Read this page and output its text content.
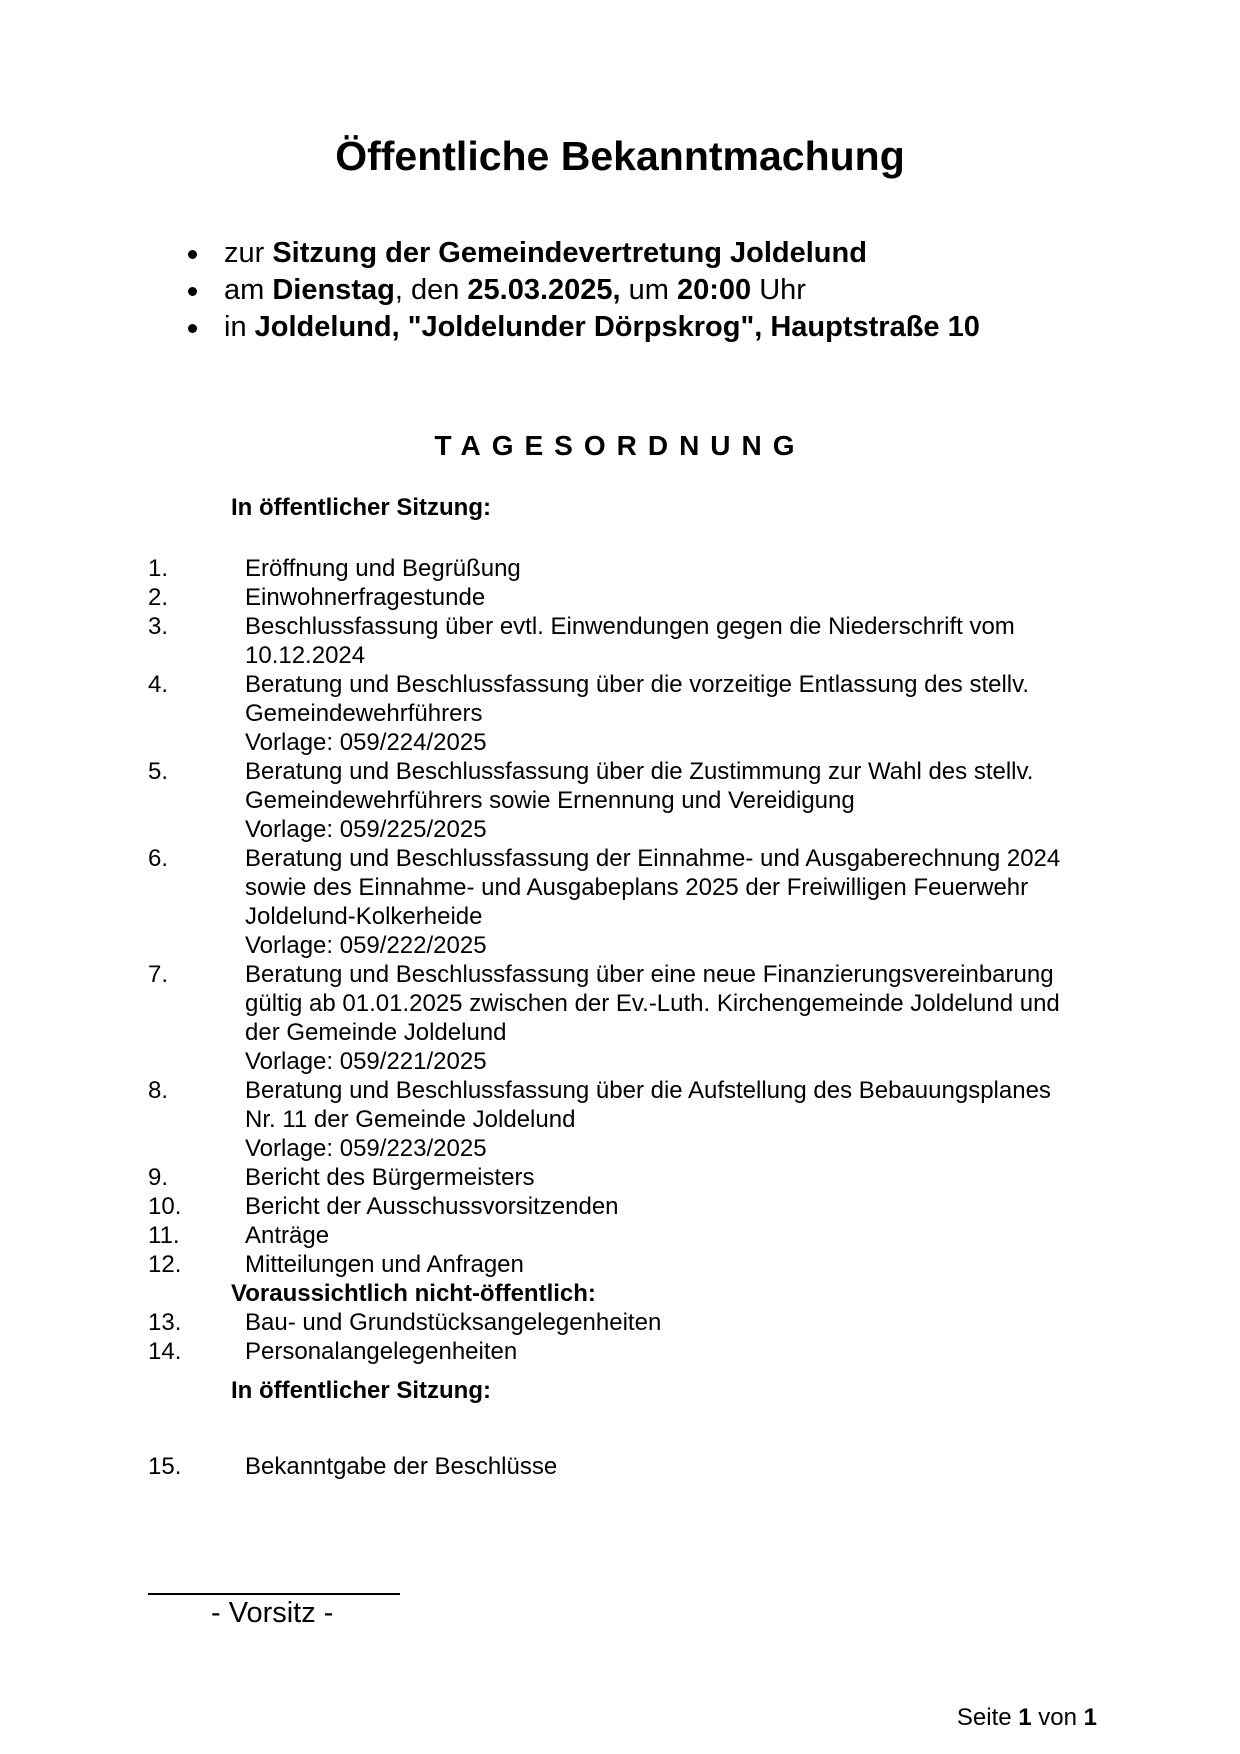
Öffentliche Bekanntmachung
zur Sitzung der Gemeindevertretung Joldelund
am Dienstag, den 25.03.2025, um 20:00 Uhr
in Joldelund, "Joldelunder Dörpskrog", Hauptstraße 10
TAGESORDNUNG
In öffentlicher Sitzung:
1.	Eröffnung und Begrüßung
2.	Einwohnerfragestunde
3.	Beschlussfassung über evtl. Einwendungen gegen die Niederschrift vom
10.12.2024
4.	Beratung und Beschlussfassung über die vorzeitige Entlassung des stellv.
Gemeindewehrführers
Vorlage: 059/224/2025
5.	Beratung und Beschlussfassung über die Zustimmung zur Wahl des stellv.
Gemeindewehrführers sowie Ernennung und Vereidigung
Vorlage: 059/225/2025
6.	Beratung und Beschlussfassung der Einnahme- und Ausgaberechnung 2024
sowie des Einnahme- und Ausgabeplans 2025 der Freiwilligen Feuerwehr
Joldelund-Kolkerheide
Vorlage: 059/222/2025
7.	Beratung und Beschlussfassung über eine neue Finanzierungsvereinbarung
gültig ab 01.01.2025 zwischen der Ev.-Luth. Kirchengemeinde Joldelund und
der Gemeinde Joldelund
Vorlage: 059/221/2025
8.	Beratung und Beschlussfassung über die Aufstellung des Bebauungsplanes
Nr. 11 der Gemeinde Joldelund
Vorlage: 059/223/2025
9.	Bericht des Bürgermeisters
10.	Bericht der Ausschussvorsitzenden
11.	Anträge
12.	Mitteilungen und Anfragen
Voraussichtlich nicht-öffentlich:
13.	Bau- und Grundstücksangelegenheiten
14.	Personalangelegenheiten
In öffentlicher Sitzung:
15.	Bekanntgabe der Beschlüsse
- Vorsitz -
Seite 1 von 1
